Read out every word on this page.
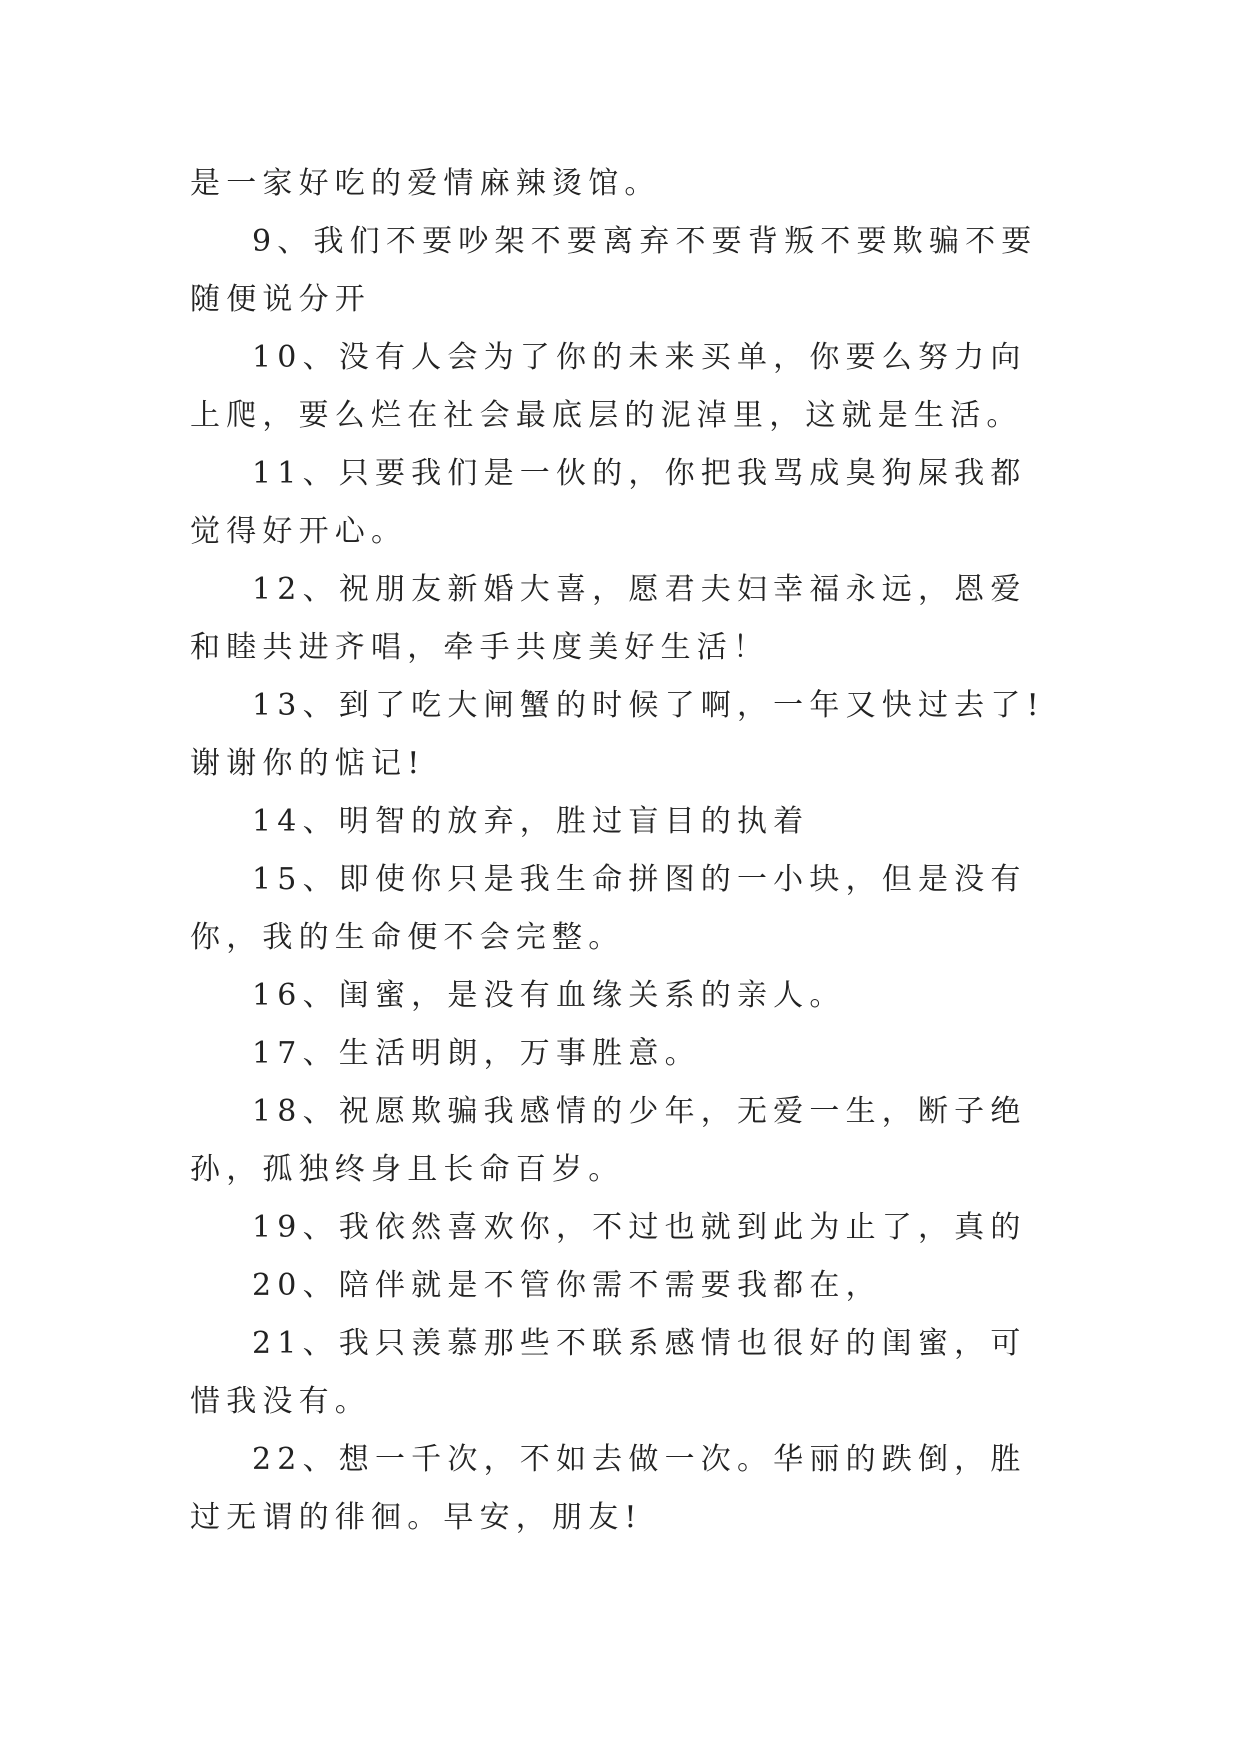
是一家好吃的爱情麻辣烫馆。

9、我们不要吵架不要离弃不要背叛不要欺骗不要随便说分开

10、没有人会为了你的未来买单，你要么努力向上爬，要么烂在社会最底层的泥淖里，这就是生活。

11、只要我们是一伙的，你把我骂成臭狗屎我都觉得好开心。

12、祝朋友新婚大喜，愿君夫妇幸福永远，恩爱和睦共进齐唱，牵手共度美好生活！

13、到了吃大闸蟹的时候了啊，一年又快过去了!谢谢你的惦记!

14、明智的放弃，胜过盲目的执着

15、即使你只是我生命拼图的一小块，但是没有你，我的生命便不会完整。

16、闺蜜，是没有血缘关系的亲人。

17、生活明朗，万事胜意。

18、祝愿欺骗我感情的少年，无爱一生，断子绝孙，孤独终身且长命百岁。

19、我依然喜欢你，不过也就到此为止了，真的

20、陪伴就是不管你需不需要我都在，

21、我只羡慕那些不联系感情也很好的闺蜜，可惜我没有。

22、想一千次，不如去做一次。华丽的跌倒，胜过无谓的徘徊。早安，朋友!
